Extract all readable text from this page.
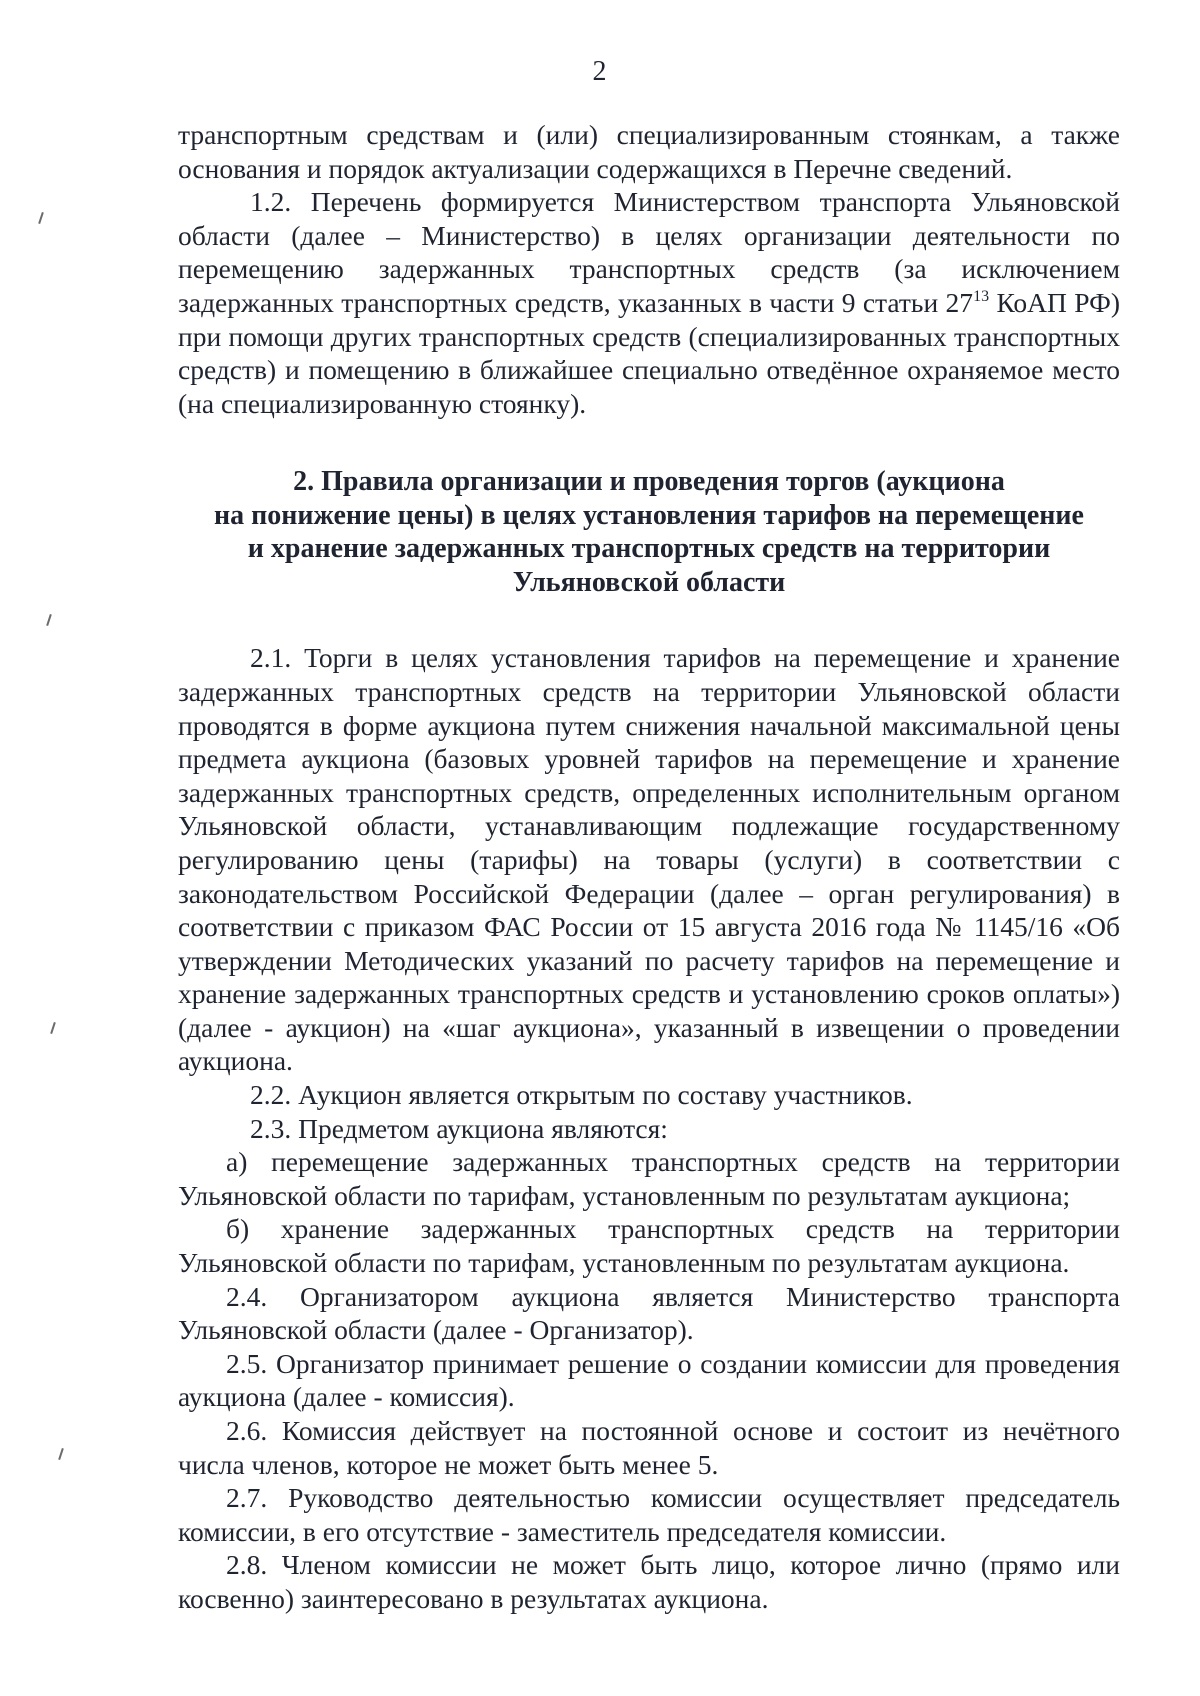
2

транспортным средствам и (или) специализированным стоянкам, а также основания и порядок актуализации содержащихся в Перечне сведений.

1.2. Перечень формируется Министерством транспорта Ульяновской области (далее – Министерство) в целях организации деятельности по перемещению задержанных транспортных средств (за исключением задержанных транспортных средств, указанных в части 9 статьи $27^{13}$ КоАП РФ) при помощи других транспортных средств (специализированных транспортных средств) и помещению в ближайшее специально отведённое охраняемое место (на специализированную стоянку).

2. Правила организации и проведения торгов (аукциона
на понижение цены) в целях установления тарифов на перемещение
и хранение задержанных транспортных средств на территории
Ульяновской области

2.1. Торги в целях установления тарифов на перемещение и хранение задержанных транспортных средств на территории Ульяновской области проводятся в форме аукциона путем снижения начальной максимальной цены предмета аукциона (базовых уровней тарифов на перемещение и хранение задержанных транспортных средств, определенных исполнительным органом Ульяновской области, устанавливающим подлежащие государственному регулированию цены (тарифы) на товары (услуги) в соответствии с законодательством Российской Федерации (далее – орган регулирования) в соответствии с приказом ФАС России от 15 августа 2016 года № 1145/16 «Об утверждении Методических указаний по расчету тарифов на перемещение и хранение задержанных транспортных средств и установлению сроков оплаты») (далее - аукцион) на «шаг аукциона», указанный в извещении о проведении аукциона.

2.2. Аукцион является открытым по составу участников.

2.3. Предметом аукциона являются:

а) перемещение задержанных транспортных средств на территории Ульяновской области по тарифам, установленным по результатам аукциона;

б) хранение задержанных транспортных средств на территории Ульяновской области по тарифам, установленным по результатам аукциона.

2.4. Организатором аукциона является Министерство транспорта Ульяновской области (далее - Организатор).

2.5. Организатор принимает решение о создании комиссии для проведения аукциона (далее - комиссия).

2.6. Комиссия действует на постоянной основе и состоит из нечётного числа членов, которое не может быть менее 5.

2.7. Руководство деятельностью комиссии осуществляет председатель комиссии, в его отсутствие - заместитель председателя комиссии.

2.8. Членом комиссии не может быть лицо, которое лично (прямо или косвенно) заинтересовано в результатах аукциона.
